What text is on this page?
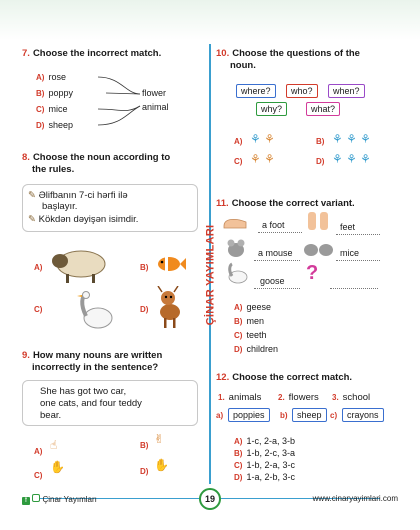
ÇİNAR YAYIMLARI
7. Choose the incorrect match.
A) rose
B) poppy
C) mice
D) sheep
flower
animal
8. Choose the noun according to
the rules.
✎ Əlifbanın 7-ci hərfi ilə
başlayır.
✎ Kökdən dəyişən isimdir.
A)	B)
C)	D)
9. How many nouns are written
incorrectly in the sentence?
She has got two car,
one cats, and four teddy
bear.
A) ☝	B) ✌
C)
✋	D) ✋
10. Choose the questions of the
noun.
where?	who?	when?
why?	what?
A) ⚘ ⚘	B) ⚘ ⚘ ⚘
C) ⚘ ⚘	D) ⚘ ⚘ ⚘
11. Choose the correct variant.
a foot	feet
a mouse	mice
goose ?
A) geese
B) men
C) teeth
D) children
12. Choose the correct match.
1. animals 2. flowers 3. school
a)	poppies	b)	sheep	c)	crayons
A) 1-c, 2-a, 3-b
B) 1-b, 2-c, 3-a
C) 1-b, 2-a, 3-c
D) 1-a, 2-b, 3-c
f Çinar Yayımları	19	www.cinaryayimlari.com
